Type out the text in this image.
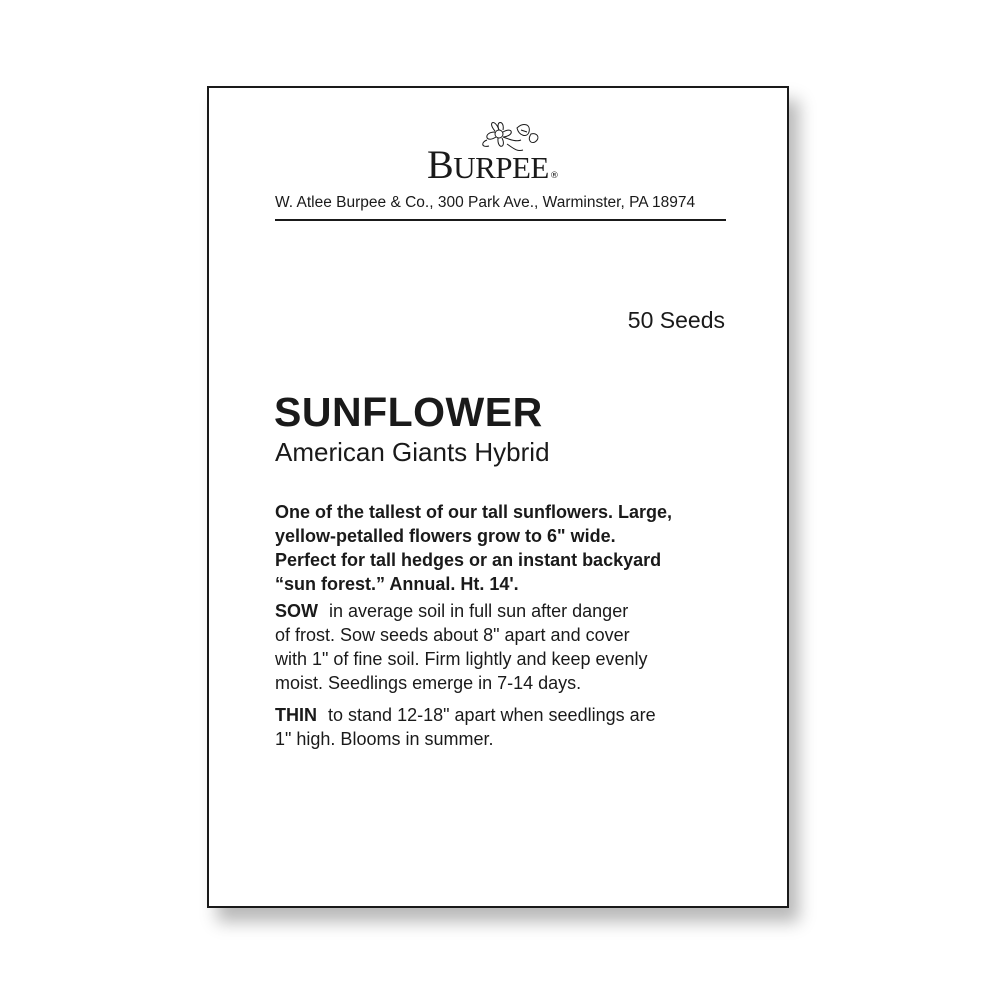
BURPEE®
W. Atlee Burpee & Co., 300 Park Ave., Warminster, PA 18974
50 Seeds
SUNFLOWER
American Giants Hybrid
One of the tallest of our tall sunflowers. Large,
yellow-petalled flowers grow to 6" wide.
Perfect for tall hedges or an instant backyard
“sun forest.” Annual. Ht. 14'.
SOW in average soil in full sun after danger
of frost. Sow seeds about 8" apart and cover
with 1" of fine soil. Firm lightly and keep evenly
moist. Seedlings emerge in 7-14 days.
THIN to stand 12-18" apart when seedlings are
1" high. Blooms in summer.
